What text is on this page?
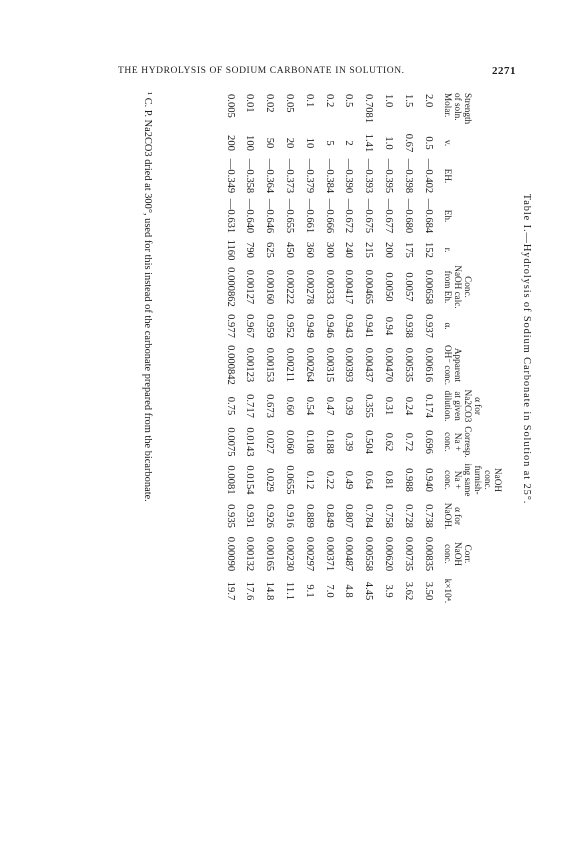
THE HYDROLYSIS OF SODIUM CARBONATE IN SOLUTION.	2271
Table I.—Hydrolysis of Sodium Carbonate in Solution at 25°.
Strength
of soln.
Molar.	v.	EH.	Eh.	r.	Conc.
NaOH calc.
from Eh.	α.	Apparent
OH⁻ conc.	α for
Na2CO3
at given
dilution.	Corresp.
Na +
conc.	NaOH conc.
furnish-
ing same
Na + conc.	α for
NaOH.	Corr.
NaOH
conc.	k×10⁴.
2.0	0.5	—0.402	—0.684	152	0.00658	0.937	0.00616	0.174	0.696	0.940	0.738	0.00835	3.50
1.5	0.67	—0.398	—0.680	175	0.0057	0.938	0.00535	0.24	0.72	0.988	0.728	0.00735	3.62
1.0	1.0	—0.395	—0.677	200	0.0050	0.94	0.00470	0.31	0.62	0.81	0.758	0.00620	3.9
0.7081	1.41	—0.393	—0.675	215	0.00465	0.941	0.00437	0.355	0.504	0.64	0.784	0.00558	4.45
0.5	2	—0.390	—0.672	240	0.00417	0.943	0.00393	0.39	0.39	0.49	0.807	0.00487	4.8
0.2	5	—0.384	—0.666	300	0.00333	0.946	0.00315	0.47	0.188	0.22	0.849	0.00371	7.0
0.1	10	—0.379	—0.661	360	0.00278	0.949	0.00264	0.54	0.108	0.12	0.889	0.00297	9.1
0.05	20	—0.373	—0.655	450	0.00222	0.952	0.00211	0.60	0.060	0.0655	0.916	0.00230	11.1
0.02	50	—0.364	—0.646	625	0.00160	0.959	0.00153	0.673	0.027	0.029	0.926	0.00165	14.8
0.01	100	—0.358	—0.640	790	0.00127	0.967	0.00123	0.717	0.0143	0.0154	0.931	0.00132	17.6
0.005	200	—0.349	—0.631	1160	0.000862	0.977	0.000842	0.75	0.0075	0.0081	0.935	0.00090	19.7
¹ C. P. Na2CO3 dried at 300°, used for this instead of the carbonate prepared from the bicarbonate.
